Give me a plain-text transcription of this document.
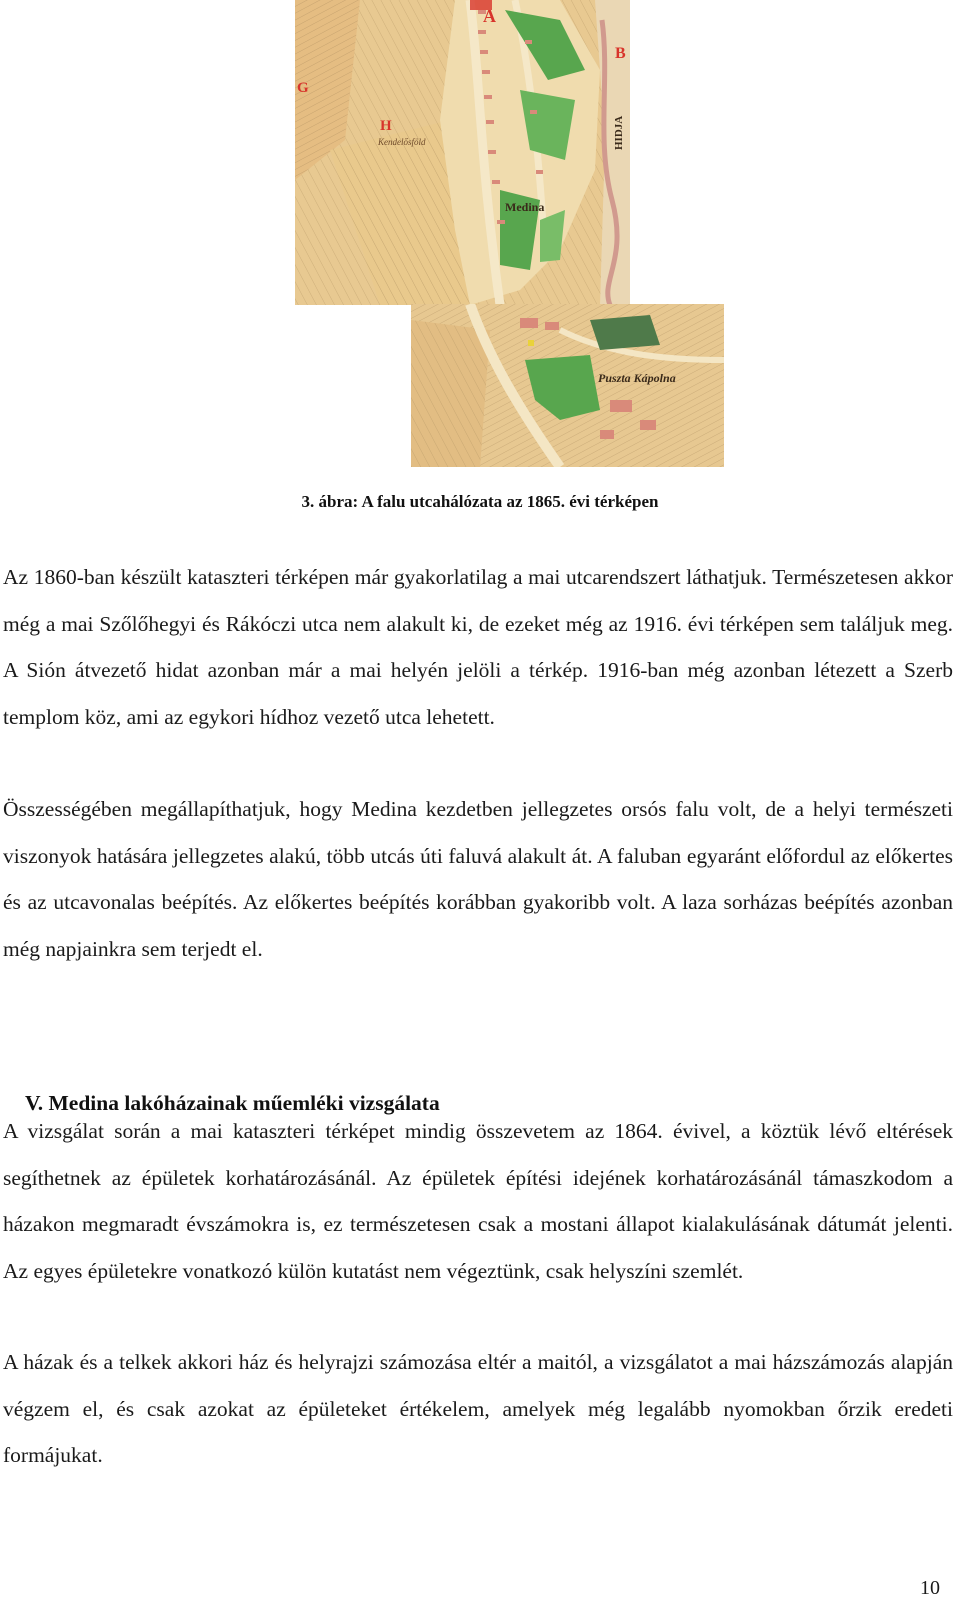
A
B
G
H
Kendelősföld
Medina
HIDJA
Puszta Kápolna
3. ábra: A falu utcahálózata az 1865. évi térképen

Az 1860-ban készült kataszteri térképen már gyakorlatilag a mai utcarendszert láthatjuk. Természetesen akkor még a mai Szőlőhegyi és Rákóczi utca nem alakult ki, de ezeket még az 1916. évi térképen sem találjuk meg. A Sión átvezető hidat azonban már a mai helyén jelöli a térkép. 1916-ban még azonban létezett a Szerb templom köz, ami az egykori hídhoz vezető utca lehetett.

Összességében megállapíthatjuk, hogy Medina kezdetben jellegzetes orsós falu volt, de a helyi természeti viszonyok hatására jellegzetes alakú, több utcás úti faluvá alakult át. A faluban egyaránt előfordul az előkertes és az utcavonalas beépítés. Az előkertes beépítés korábban gyakoribb volt. A laza sorházas beépítés azonban még napjainkra sem terjedt el.

V. Medina lakóházainak műemléki vizsgálata

A vizsgálat során a mai kataszteri térképet mindig összevetem az 1864. évivel, a köztük lévő eltérések segíthetnek az épületek korhatározásánál. Az épületek építési idejének korhatározásánál támaszkodom a házakon megmaradt évszámokra is, ez természetesen csak a mostani állapot kialakulásának dátumát jelenti. Az egyes épületekre vonatkozó külön kutatást nem végeztünk, csak helyszíni szemlét.

A házak és a telkek akkori ház és helyrajzi számozása eltér a maitól, a vizsgálatot a mai házszámozás alapján végzem el, és csak azokat az épületeket értékelem, amelyek még legalább nyomokban őrzik eredeti formájukat.

10
